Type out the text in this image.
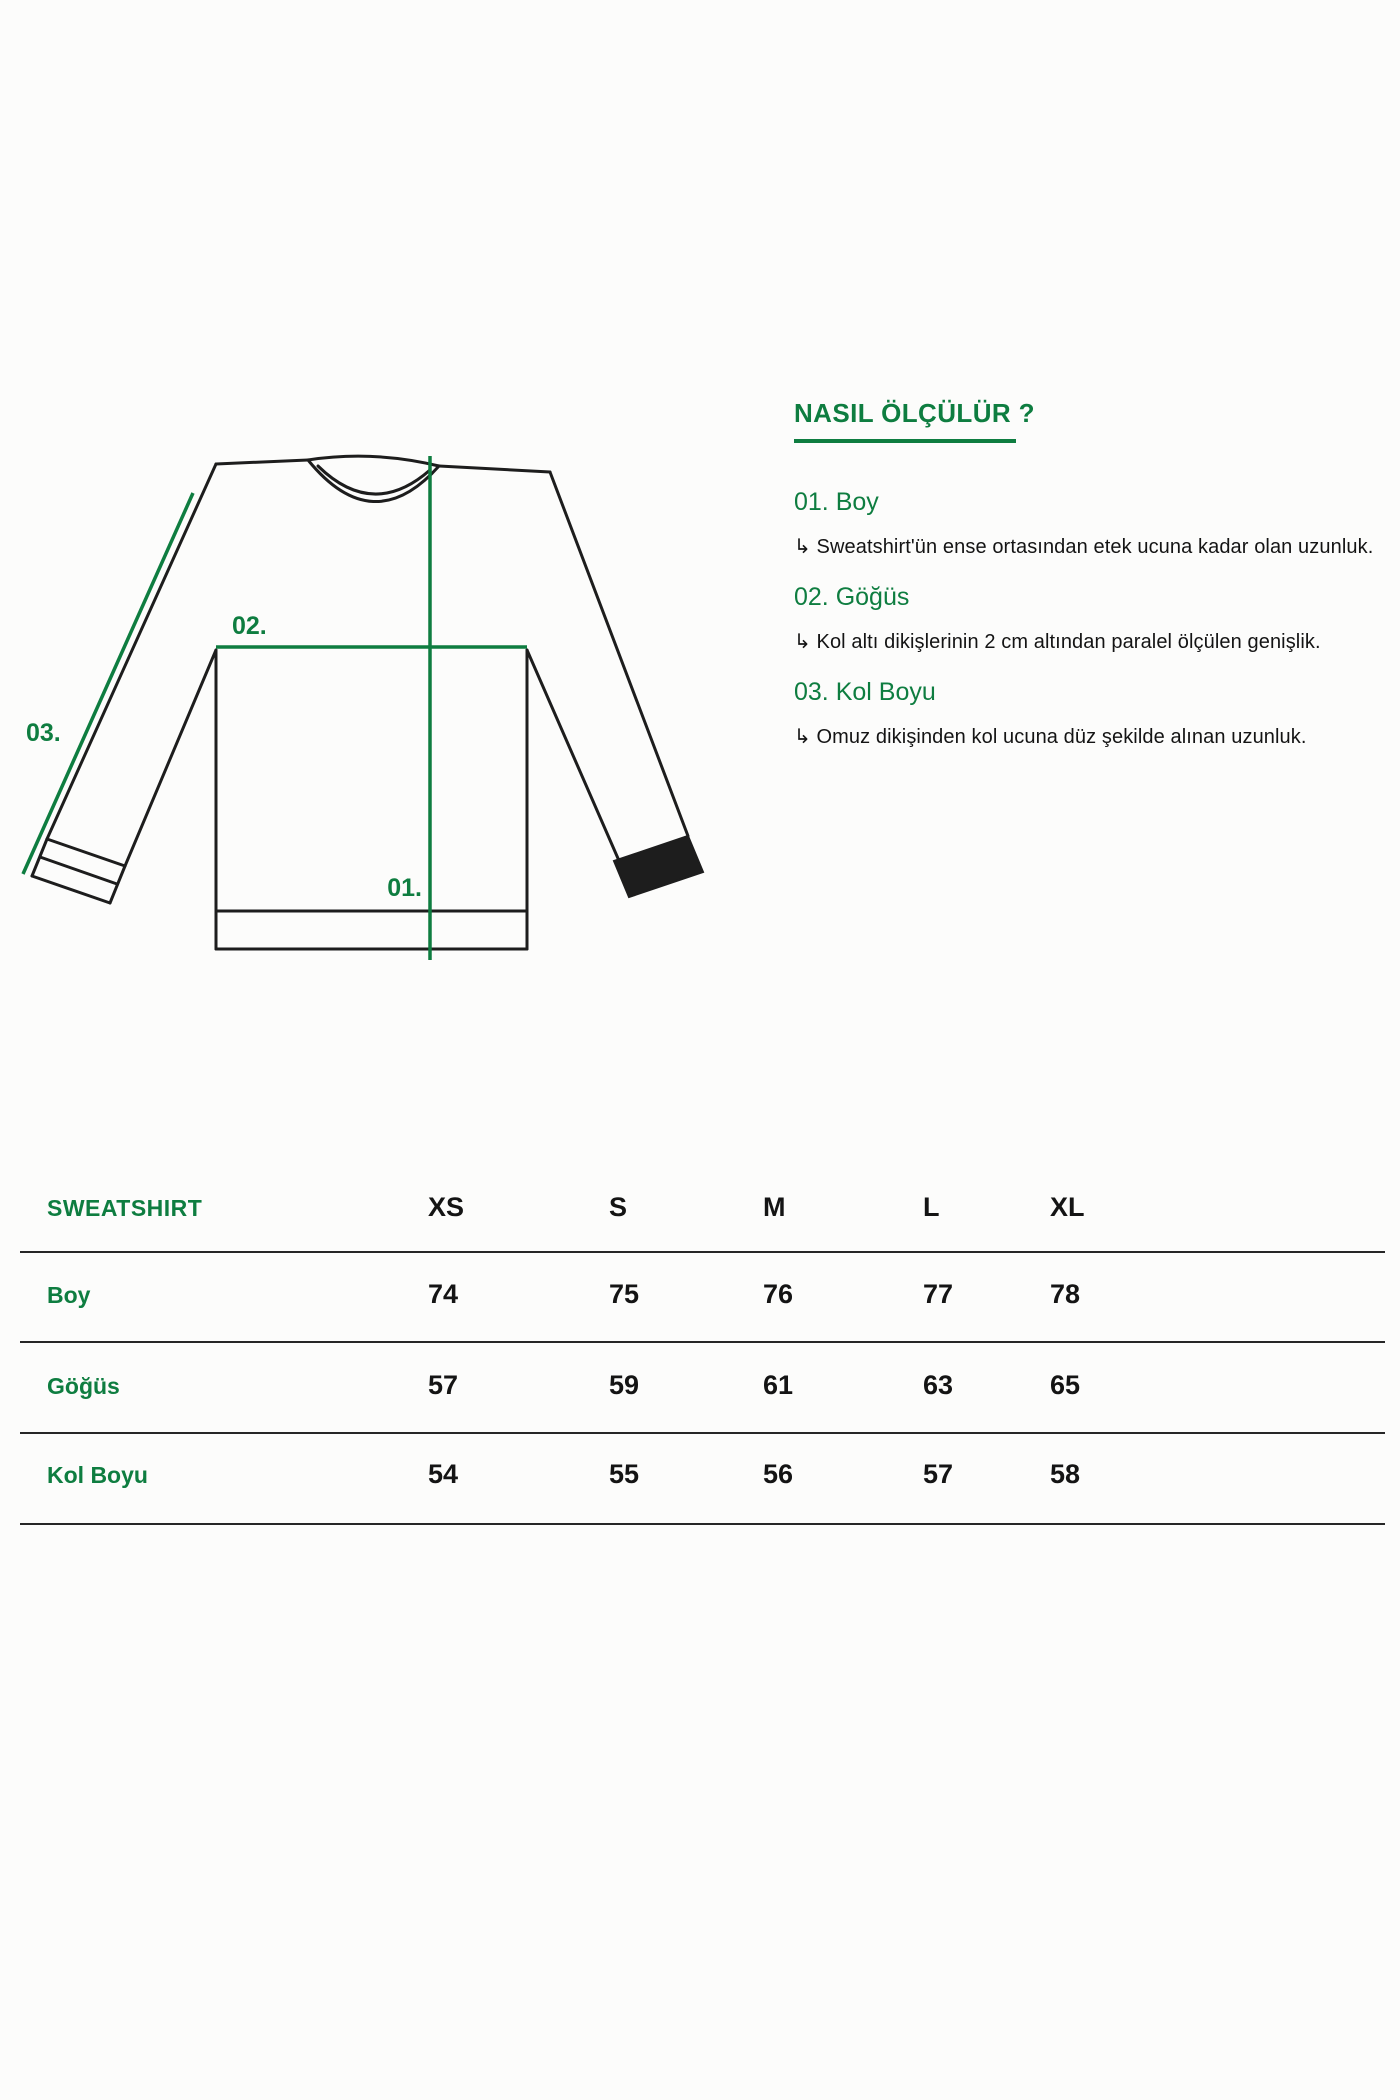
02.
01.
03.
NASIL ÖLÇÜLÜR ?
01. Boy
↳ Sweatshirt'ün ense ortasından etek ucuna kadar olan uzunluk.
02. Göğüs
↳ Kol altı dikişlerinin 2 cm altından paralel ölçülen genişlik.
03. Kol Boyu
↳ Omuz dikişinden kol ucuna düz şekilde alınan uzunluk.
SWEATSHIRT	XS	S	M	L	XL
Boy	74	75	76	77	78
Göğüs	57	59	61	63	65
Kol Boyu	54	55	56	57	58
